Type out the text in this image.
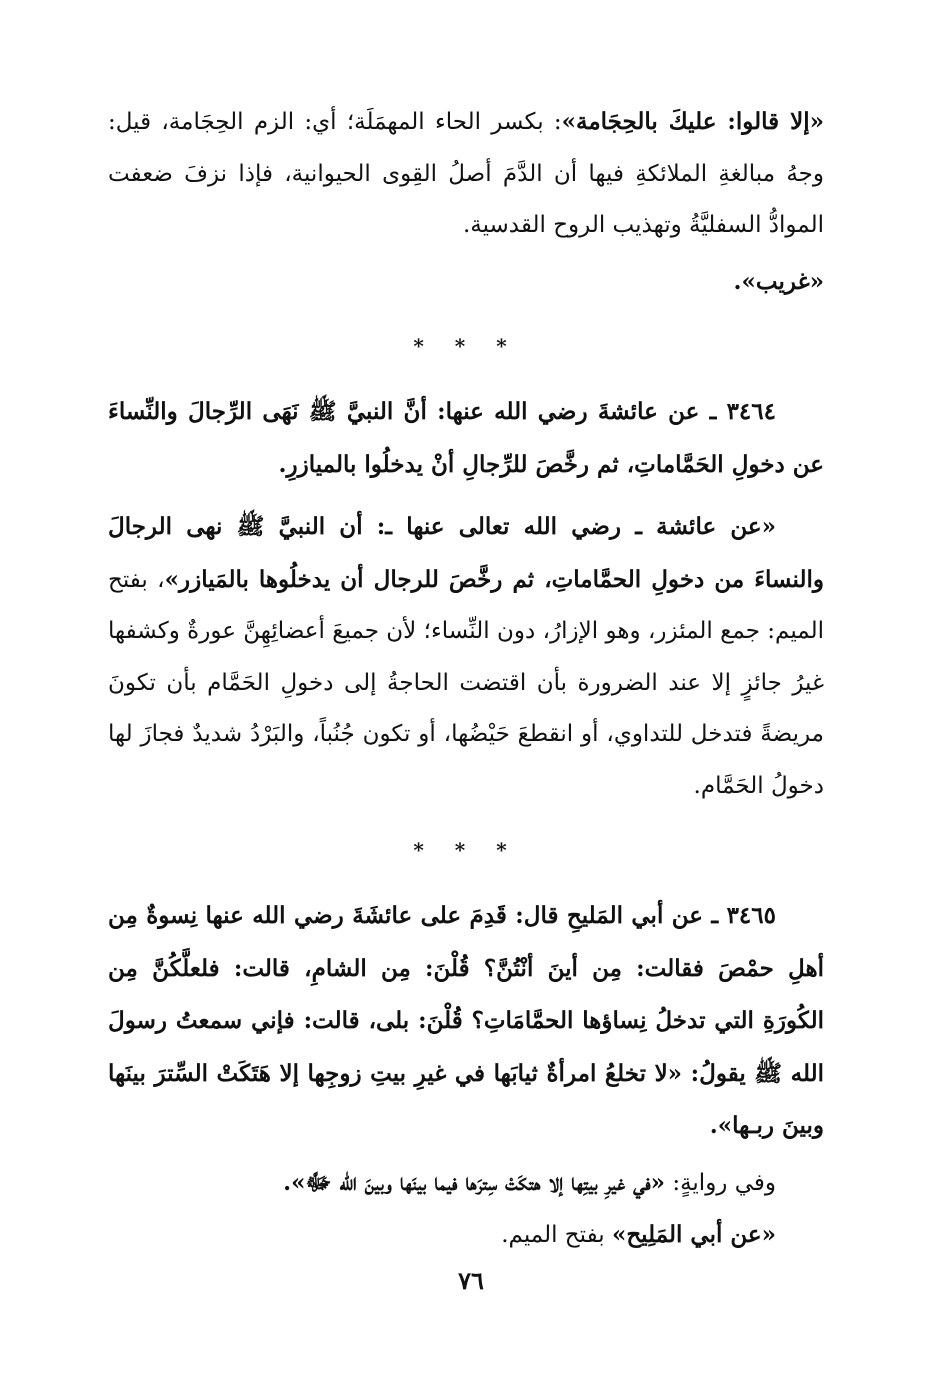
«إلا قالوا: عليكَ بالحِجَامة»: بكسر الحاء المهمَلَة؛ أي: الزم الحِجَامة، قيل: وجهُ مبالغةِ الملائكةِ فيها أن الدَّمَ أصلُ القِوى الحيوانية، فإذا نزفَ ضعفت الموادُّ السفليَّةُ وتهذيب الروح القدسية.

«غريب».

* * *

٣٤٦٤ ـ عن عائشةَ رضي الله عنها: أنَّ النبيَّ ﷺ نَهَى الرِّجالَ والنِّساءَ عن دخولِ الحَمَّاماتِ، ثم رخَّصَ للرِّجالِ أنْ يدخلُوا بالميازرِ.

«عن عائشة ـ رضي الله تعالى عنها ـ: أن النبيَّ ﷺ نهى الرجالَ والنساءَ من دخولِ الحمَّاماتِ، ثم رخَّصَ للرجال أن يدخلُوها بالمَيازر»، بفتح الميم: جمع المئزر، وهو الإزارُ، دون النِّساء؛ لأن جميعَ أعضائِهِنَّ عورةٌ وكشفها غيرُ جائزٍ إلا عند الضرورة بأن اقتضت الحاجةُ إلى دخولِ الحَمَّام بأن تكونَ مريضةً فتدخل للتداوي، أو انقطعَ حَيْضُها، أو تكون جُنُباً، والبَرْدُ شديدٌ فجازَ لها دخولُ الحَمَّام.

* * *

٣٤٦٥ ـ عن أبي المَليحِ قال: قَدِمَ على عائشَةَ رضي الله عنها نِسوةٌ مِن أهلِ حمْصَ فقالت: مِن أينَ أنْتُنَّ؟ قُلْنَ: مِن الشامِ، قالت: فلعلَّكُنَّ مِن الكُورَةِ التي تدخلُ نِساؤها الحمَّامَاتِ؟ قُلْنَ: بلى، قالت: فإني سمعتُ رسولَ الله ﷺ يقولُ: «لا تخلعُ امرأةٌ ثيابَها في غيرِ بيتِ زوجِها إلا هَتَكَتْ السِّترَ بينَها وبينَ ربـها».

وفي روايةٍ: «في غيرِ بيتِها إلا هتكَتْ سِترَها فيما بينَها وبينَ الله ﷻ».

«عن أبي المَلِيح» بفتح الميم.

٧٦
